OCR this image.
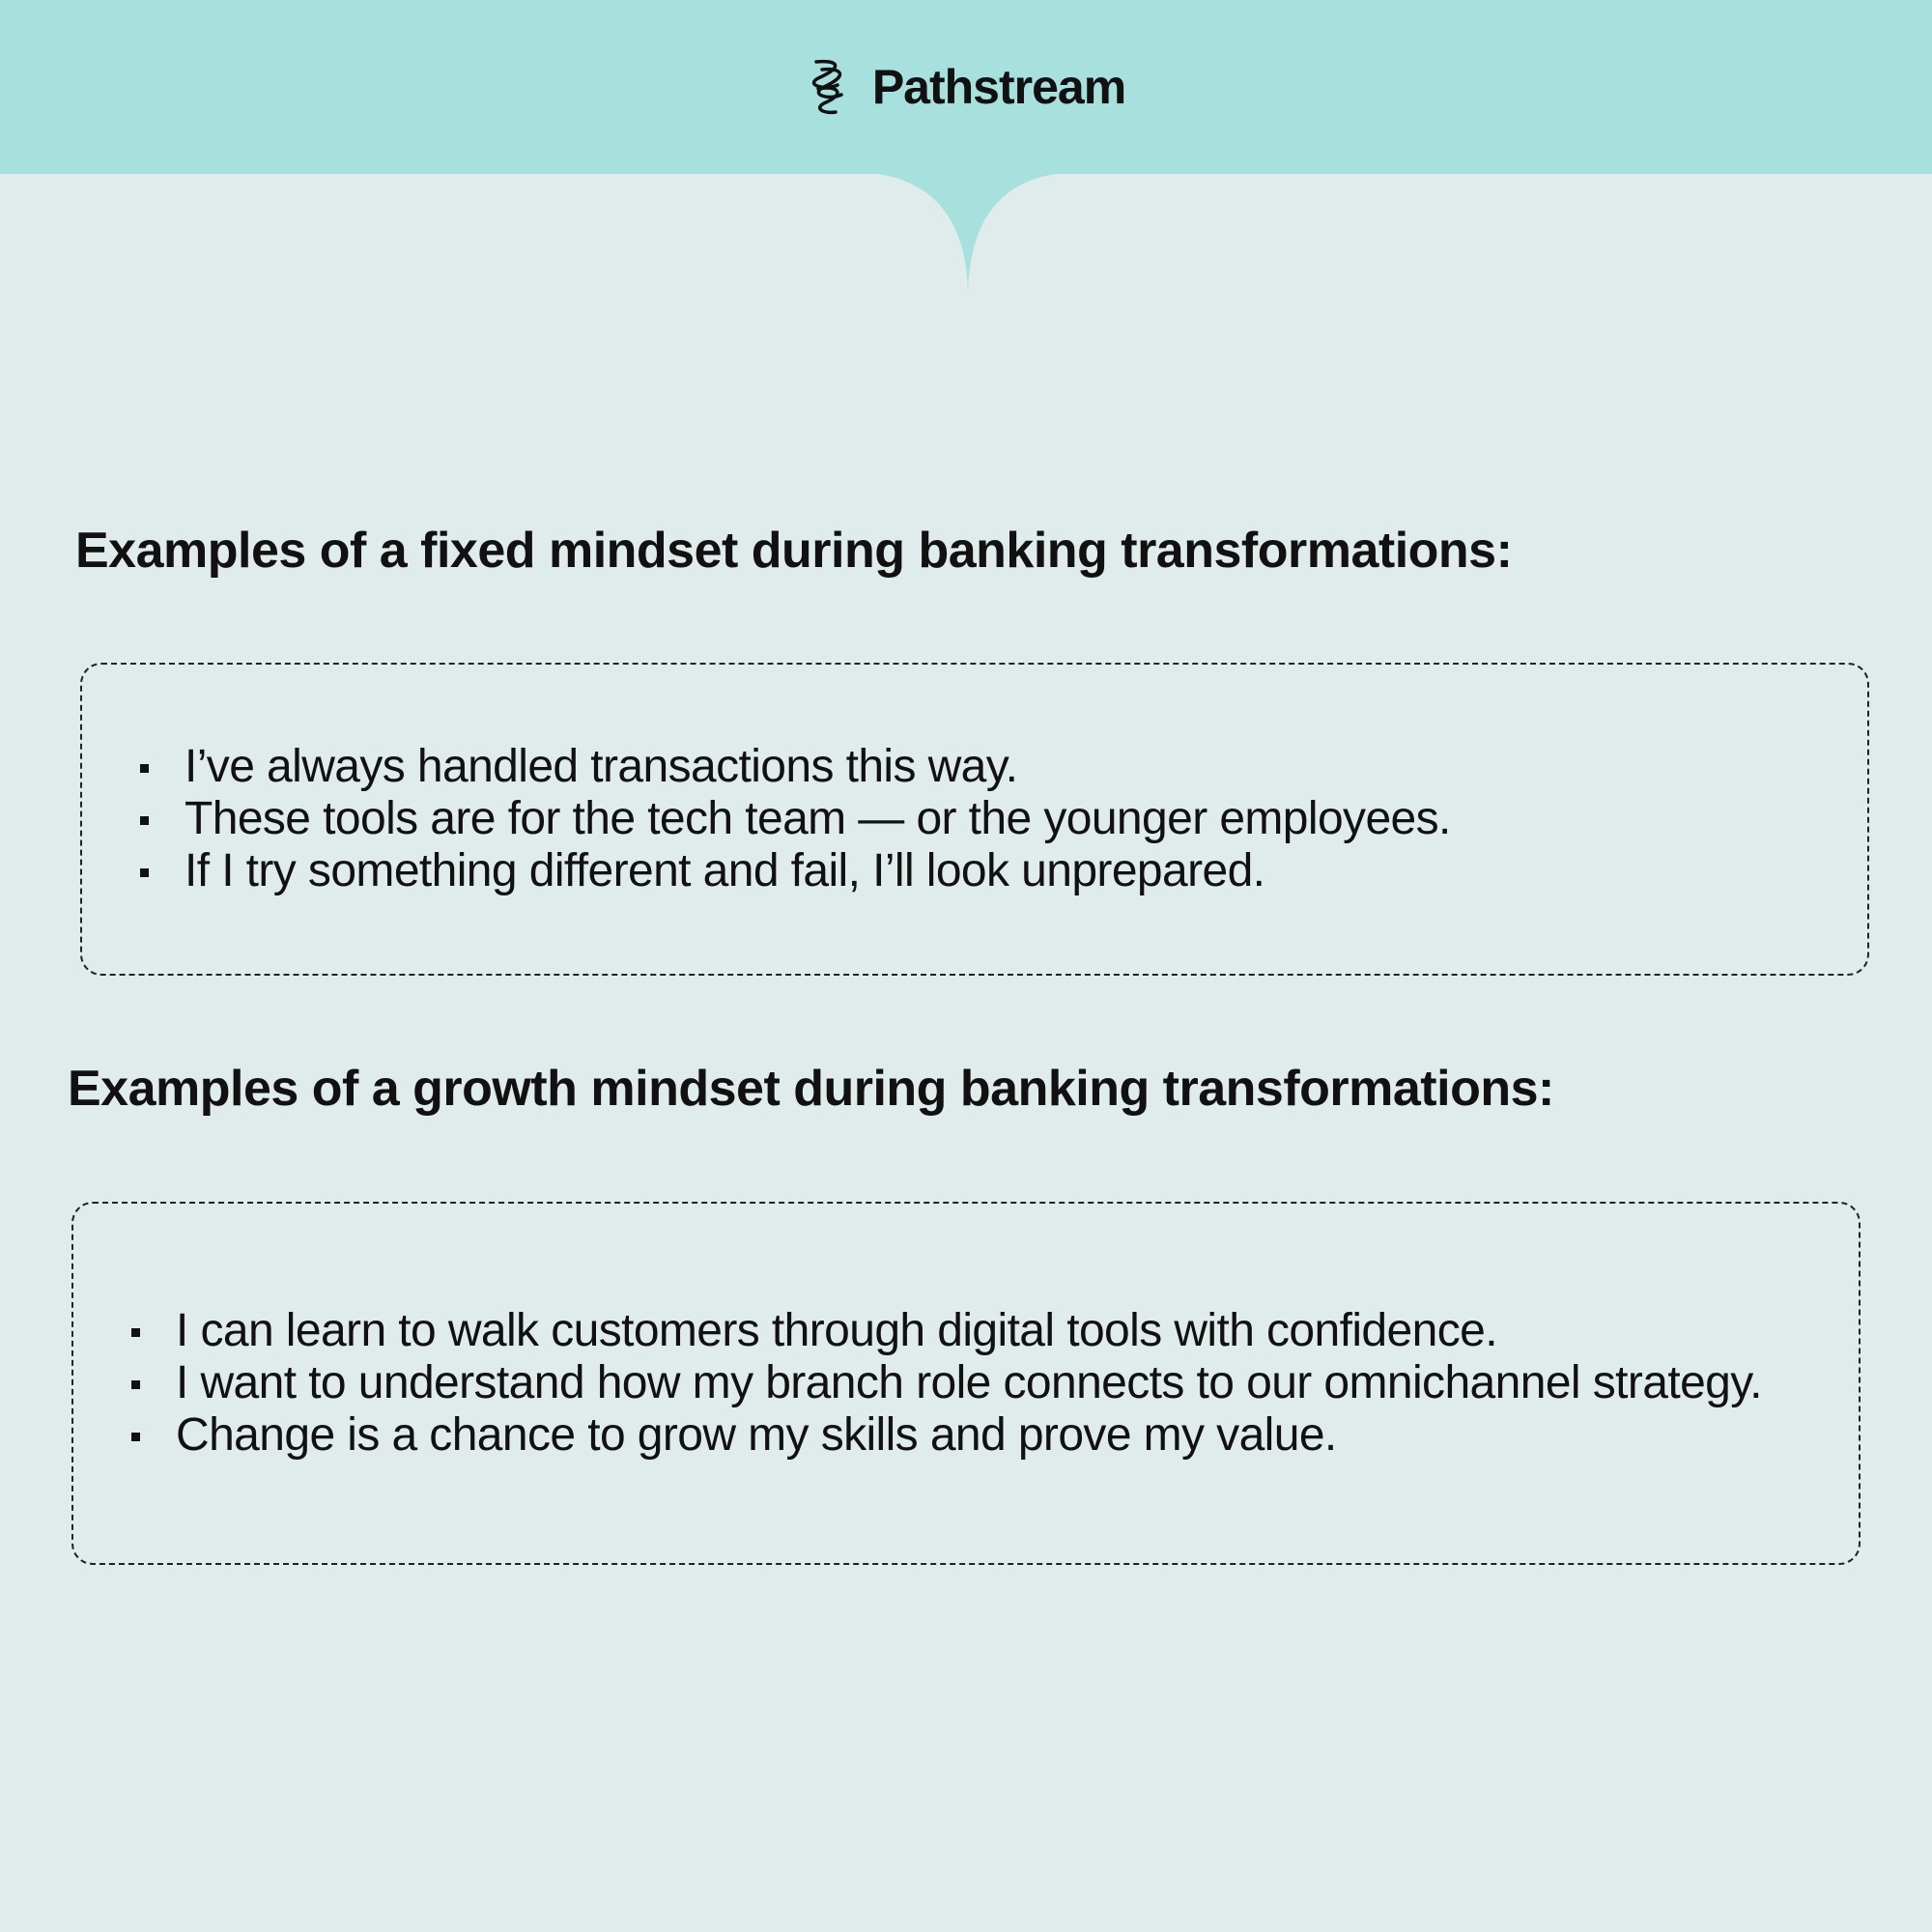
Pathstream
Examples of a fixed mindset during banking transformations:
I’ve always handled transactions this way.
These tools are for the tech team — or the younger employees.
If I try something different and fail, I’ll look unprepared.
Examples of a growth mindset during banking transformations:
I can learn to walk customers through digital tools with confidence.
I want to understand how my branch role connects to our omnichannel strategy.
Change is a chance to grow my skills and prove my value.
